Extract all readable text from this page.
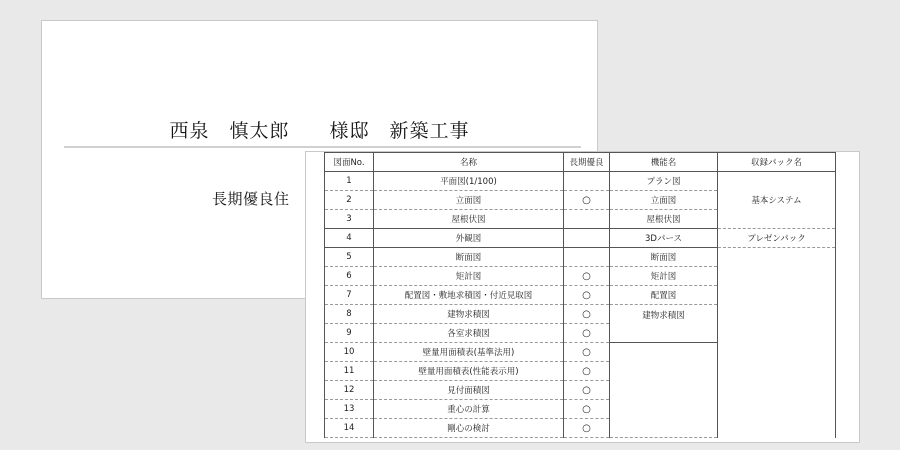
西泉　慎太郎　　様邸　新築工事
長期優良住
図面No.	名称	長期優良	機能名	収録パック名
1	平面図(1/100)		プラン図	基本システム
2	立面図	○	立面図	
3	屋根伏図		屋根伏図	
4	外観図		3Dパース	プレゼンパック
5	断面図		断面図	
6	矩計図	○	矩計図	
7	配置図・敷地求積図・付近見取図	○	配置図	
8	建物求積図	○	建物求積図	
9	各室求積図	○		
10	壁量用面積表(基準法用)	○		
11	壁量用面積表(性能表示用)	○		
12	見付面積図	○		
13	重心の計算	○		
14	剛心の検討	○		
